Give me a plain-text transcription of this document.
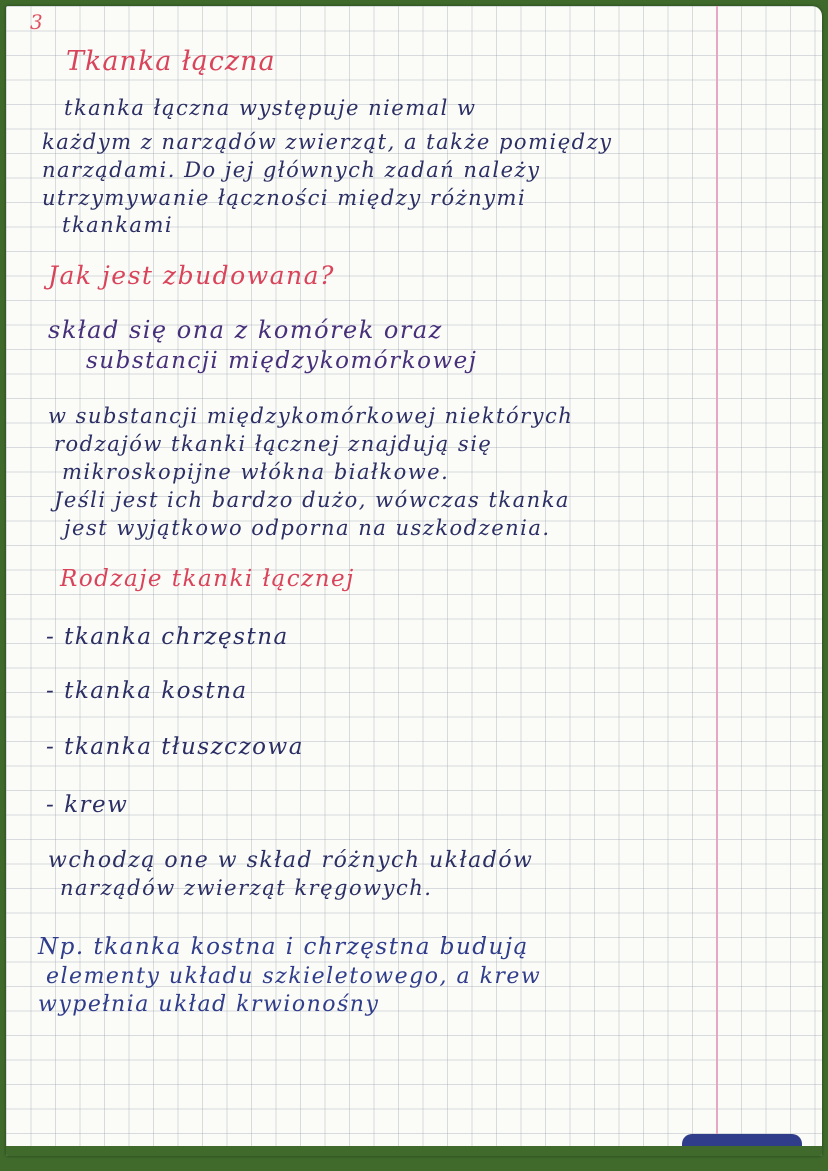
3
Tkanka łączna
tkanka łączna występuje niemal w
każdym z narządów zwierząt, a także pomiędzy
narządami. Do jej głównych zadań należy
utrzymywanie łączności między różnymi
tkankami
Jak jest zbudowana?
skład się ona z komórek oraz
substancji międzykomórkowej
w substancji międzykomórkowej niektórych
rodzajów tkanki łącznej znajdują się
mikroskopijne włókna białkowe.
Jeśli jest ich bardzo dużo, wówczas tkanka
jest wyjątkowo odporna na uszkodzenia.
Rodzaje tkanki łącznej
- tkanka chrzęstna
- tkanka kostna
- tkanka tłuszczowa
- krew
wchodzą one w skład różnych układów
narządów zwierząt kręgowych.
Np. tkanka kostna i chrzęstna budują
elementy układu szkieletowego, a krew
wypełnia układ krwionośny
